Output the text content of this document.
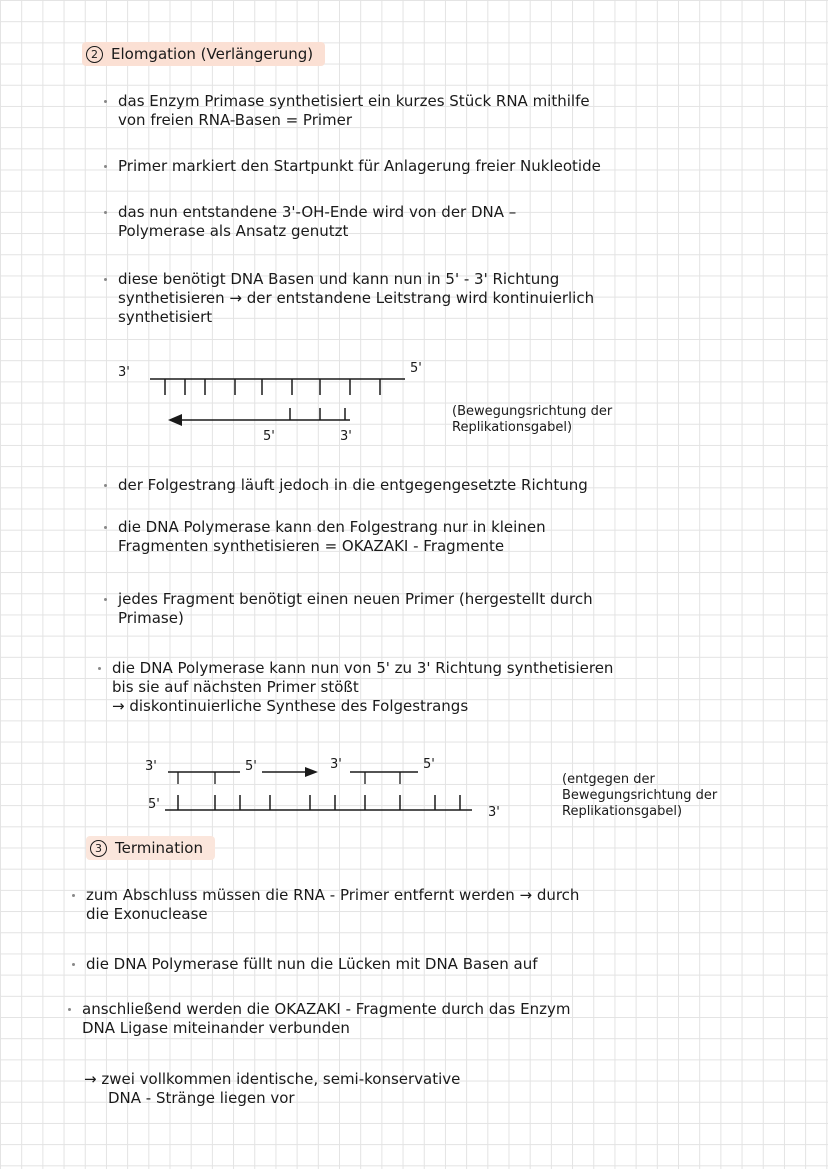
2 Elomgation (Verlängerung)
das Enzym Primase synthetisiert ein kurzes Stück RNA mithilfe
von freien RNA-Basen = Primer
Primer markiert den Startpunkt für Anlagerung freier Nukleotide
das nun entstandene 3'-OH-Ende wird von der DNA –
Polymerase als Ansatz genutzt
diese benötigt DNA Basen und kann nun in 5' - 3' Richtung
synthetisieren → der entstandene Leitstrang wird kontinuierlich
synthetisiert
3'	5'
5'	3'
(Bewegungsrichtung der
Replikationsgabel)
der Folgestrang läuft jedoch in die entgegengesetzte Richtung
die DNA Polymerase kann den Folgestrang nur in kleinen
Fragmenten synthetisieren = OKAZAKI - Fragmente
jedes Fragment benötigt einen neuen Primer (hergestellt durch
Primase)
die DNA Polymerase kann nun von 5' zu 3' Richtung synthetisieren
bis sie auf nächsten Primer stößt
→ diskontinuierliche Synthese des Folgestrangs
3'	5'	3'	5'
5'
3'
(entgegen der
Bewegungsrichtung der
Replikationsgabel)
3 Termination
zum Abschluss müssen die RNA - Primer entfernt werden → durch
die Exonuclease
die DNA Polymerase füllt nun die Lücken mit DNA Basen auf
anschließend werden die OKAZAKI - Fragmente durch das Enzym
DNA Ligase miteinander verbunden
→ zwei vollkommen identische, semi-konservative
DNA - Stränge liegen vor
